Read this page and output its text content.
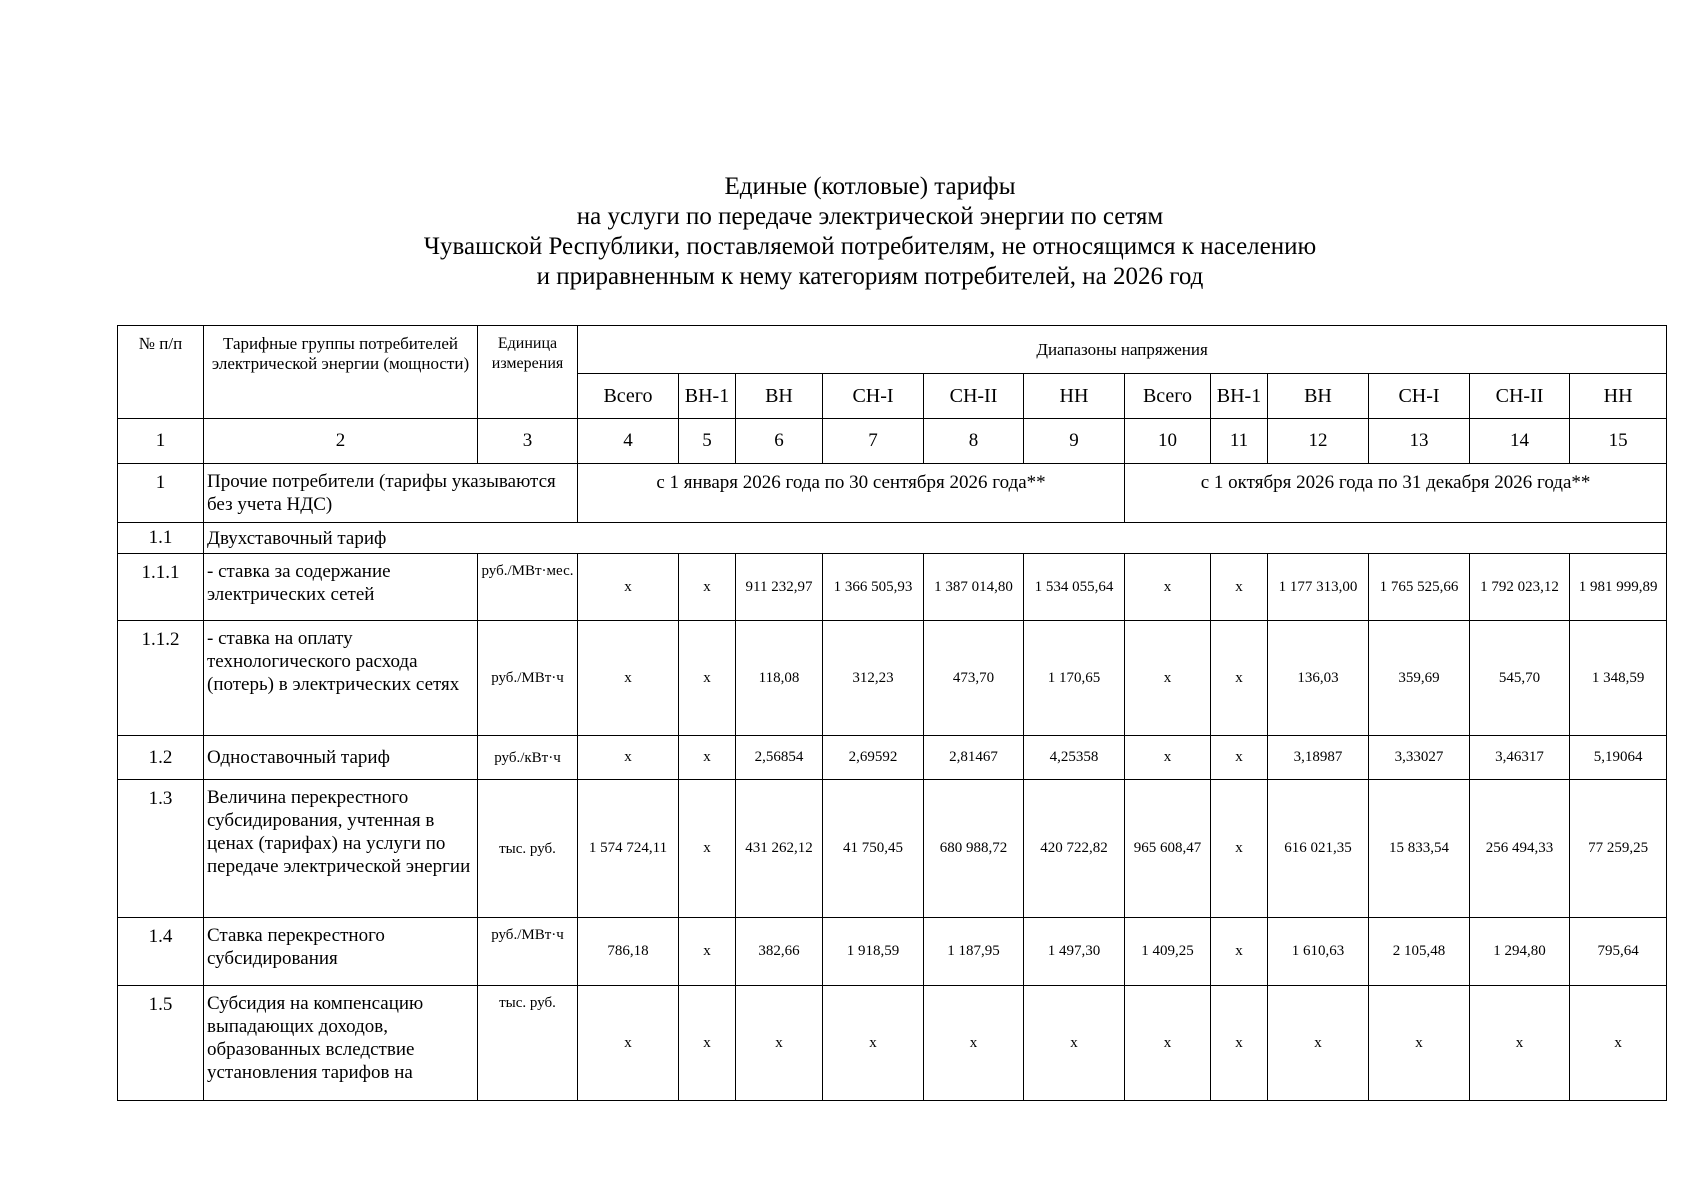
Единые (котловые) тарифы
на услуги по передаче электрической энергии по сетям
Чувашской Республики, поставляемой потребителям, не относящимся к населению
и приравненным к нему категориям потребителей, на 2026 год
№ п/п	Тарифные группы потребителей электрической энергии (мощности)	Единица измерения	Диапазоны напряжения											
			Всего	ВН-1	ВН	СН-I	СН-II	НН	Всего	ВН-1	ВН	СН-I	СН-II	НН
1	2	3	4	5	6	7	8	9	10	11	12	13	14	15
1	Прочие потребители (тарифы указываются без учета НДС)		с 1 января 2026 года по 30 сентября 2026 года**						с 1 октября 2026 года по 31 декабря 2026 года**					
1.1	Двухставочный тариф													
1.1.1	- ставка за содержание электрических сетей	руб./МВт·мес.	x	x	911 232,97	1 366 505,93	1 387 014,80	1 534 055,64	x	x	1 177 313,00	1 765 525,66	1 792 023,12	1 981 999,89
1.1.2	- ставка на оплату технологического расхода (потерь) в электрических сетях	руб./МВт·ч	x	x	118,08	312,23	473,70	1 170,65	x	x	136,03	359,69	545,70	1 348,59
1.2	Одноставочный тариф	руб./кВт·ч	x	x	2,56854	2,69592	2,81467	4,25358	x	x	3,18987	3,33027	3,46317	5,19064
1.3	Величина перекрестного субсидирования, учтенная в ценах (тарифах) на услуги по передаче электрической энергии	тыс. руб.	1 574 724,11	x	431 262,12	41 750,45	680 988,72	420 722,82	965 608,47	x	616 021,35	15 833,54	256 494,33	77 259,25
1.4	Ставка перекрестного субсидирования	руб./МВт·ч	786,18	x	382,66	1 918,59	1 187,95	1 497,30	1 409,25	x	1 610,63	2 105,48	1 294,80	795,64
1.5	Субсидия на компенсацию выпадающих доходов, образованных вследствие установления тарифов на	тыс. руб.	x	x	x	x	x	x	x	x	x	x	x	x
